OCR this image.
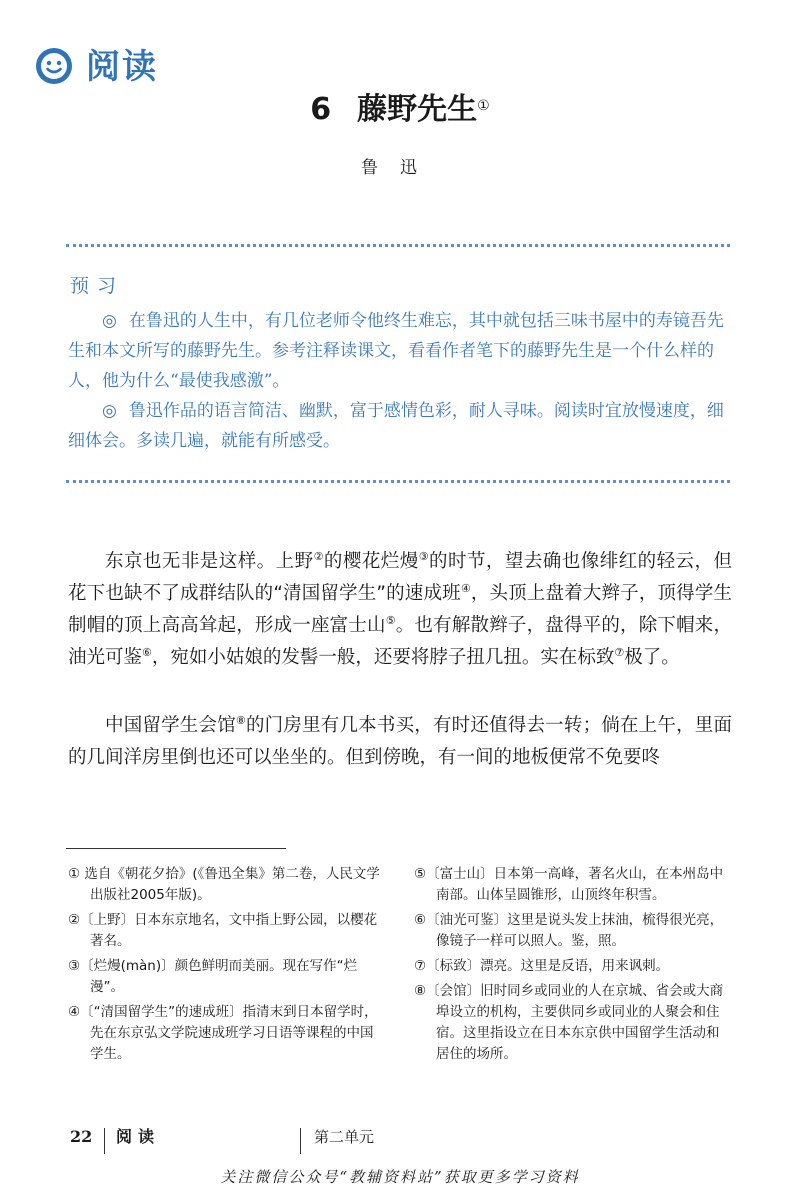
阅读
6 藤野先生①
鲁迅
预习
◎ 在鲁迅的人生中，有几位老师令他终生难忘，其中就包括三味书屋中的寿镜吾先生和本文所写的藤野先生。参考注释读课文，看看作者笔下的藤野先生是一个什么样的人，他为什么“最使我感激”。
◎ 鲁迅作品的语言简洁、幽默，富于感情色彩，耐人寻味。阅读时宜放慢速度，细细体会。多读几遍，就能有所感受。
东京也无非是这样。上野②的樱花烂熳③的时节，望去确也像绯红的轻云，但花下也缺不了成群结队的“清国留学生”的速成班④，头顶上盘着大辫子，顶得学生制帽的顶上高高耸起，形成一座富士山⑤。也有解散辫子，盘得平的，除下帽来，油光可鉴⑥，宛如小姑娘的发髻一般，还要将脖子扭几扭。实在标致⑦极了。
中国留学生会馆⑧的门房里有几本书买，有时还值得去一转；倘在上午，里面的几间洋房里倒也还可以坐坐的。但到傍晚，有一间的地板便常不免要咚
① 选自《朝花夕拾》(《鲁迅全集》第二卷，人民文学出版社2005年版)。
②〔上野〕日本东京地名，文中指上野公园，以樱花著名。
③〔烂熳(màn)〕颜色鲜明而美丽。现在写作“烂漫”。
④〔“清国留学生”的速成班〕指清末到日本留学时，先在东京弘文学院速成班学习日语等课程的中国学生。
⑤〔富士山〕日本第一高峰，著名火山，在本州岛中南部。山体呈圆锥形，山顶终年积雪。
⑥〔油光可鉴〕这里是说头发上抹油，梳得很光亮，像镜子一样可以照人。鉴，照。
⑦〔标致〕漂亮。这里是反语，用来讽刺。
⑧〔会馆〕旧时同乡或同业的人在京城、省会或大商埠设立的机构，主要供同乡或同业的人聚会和住宿。这里指设立在日本东京供中国留学生活动和居住的场所。
22 阅读	第二单元
关注微信公众号“教辅资料站”获取更多学习资料
